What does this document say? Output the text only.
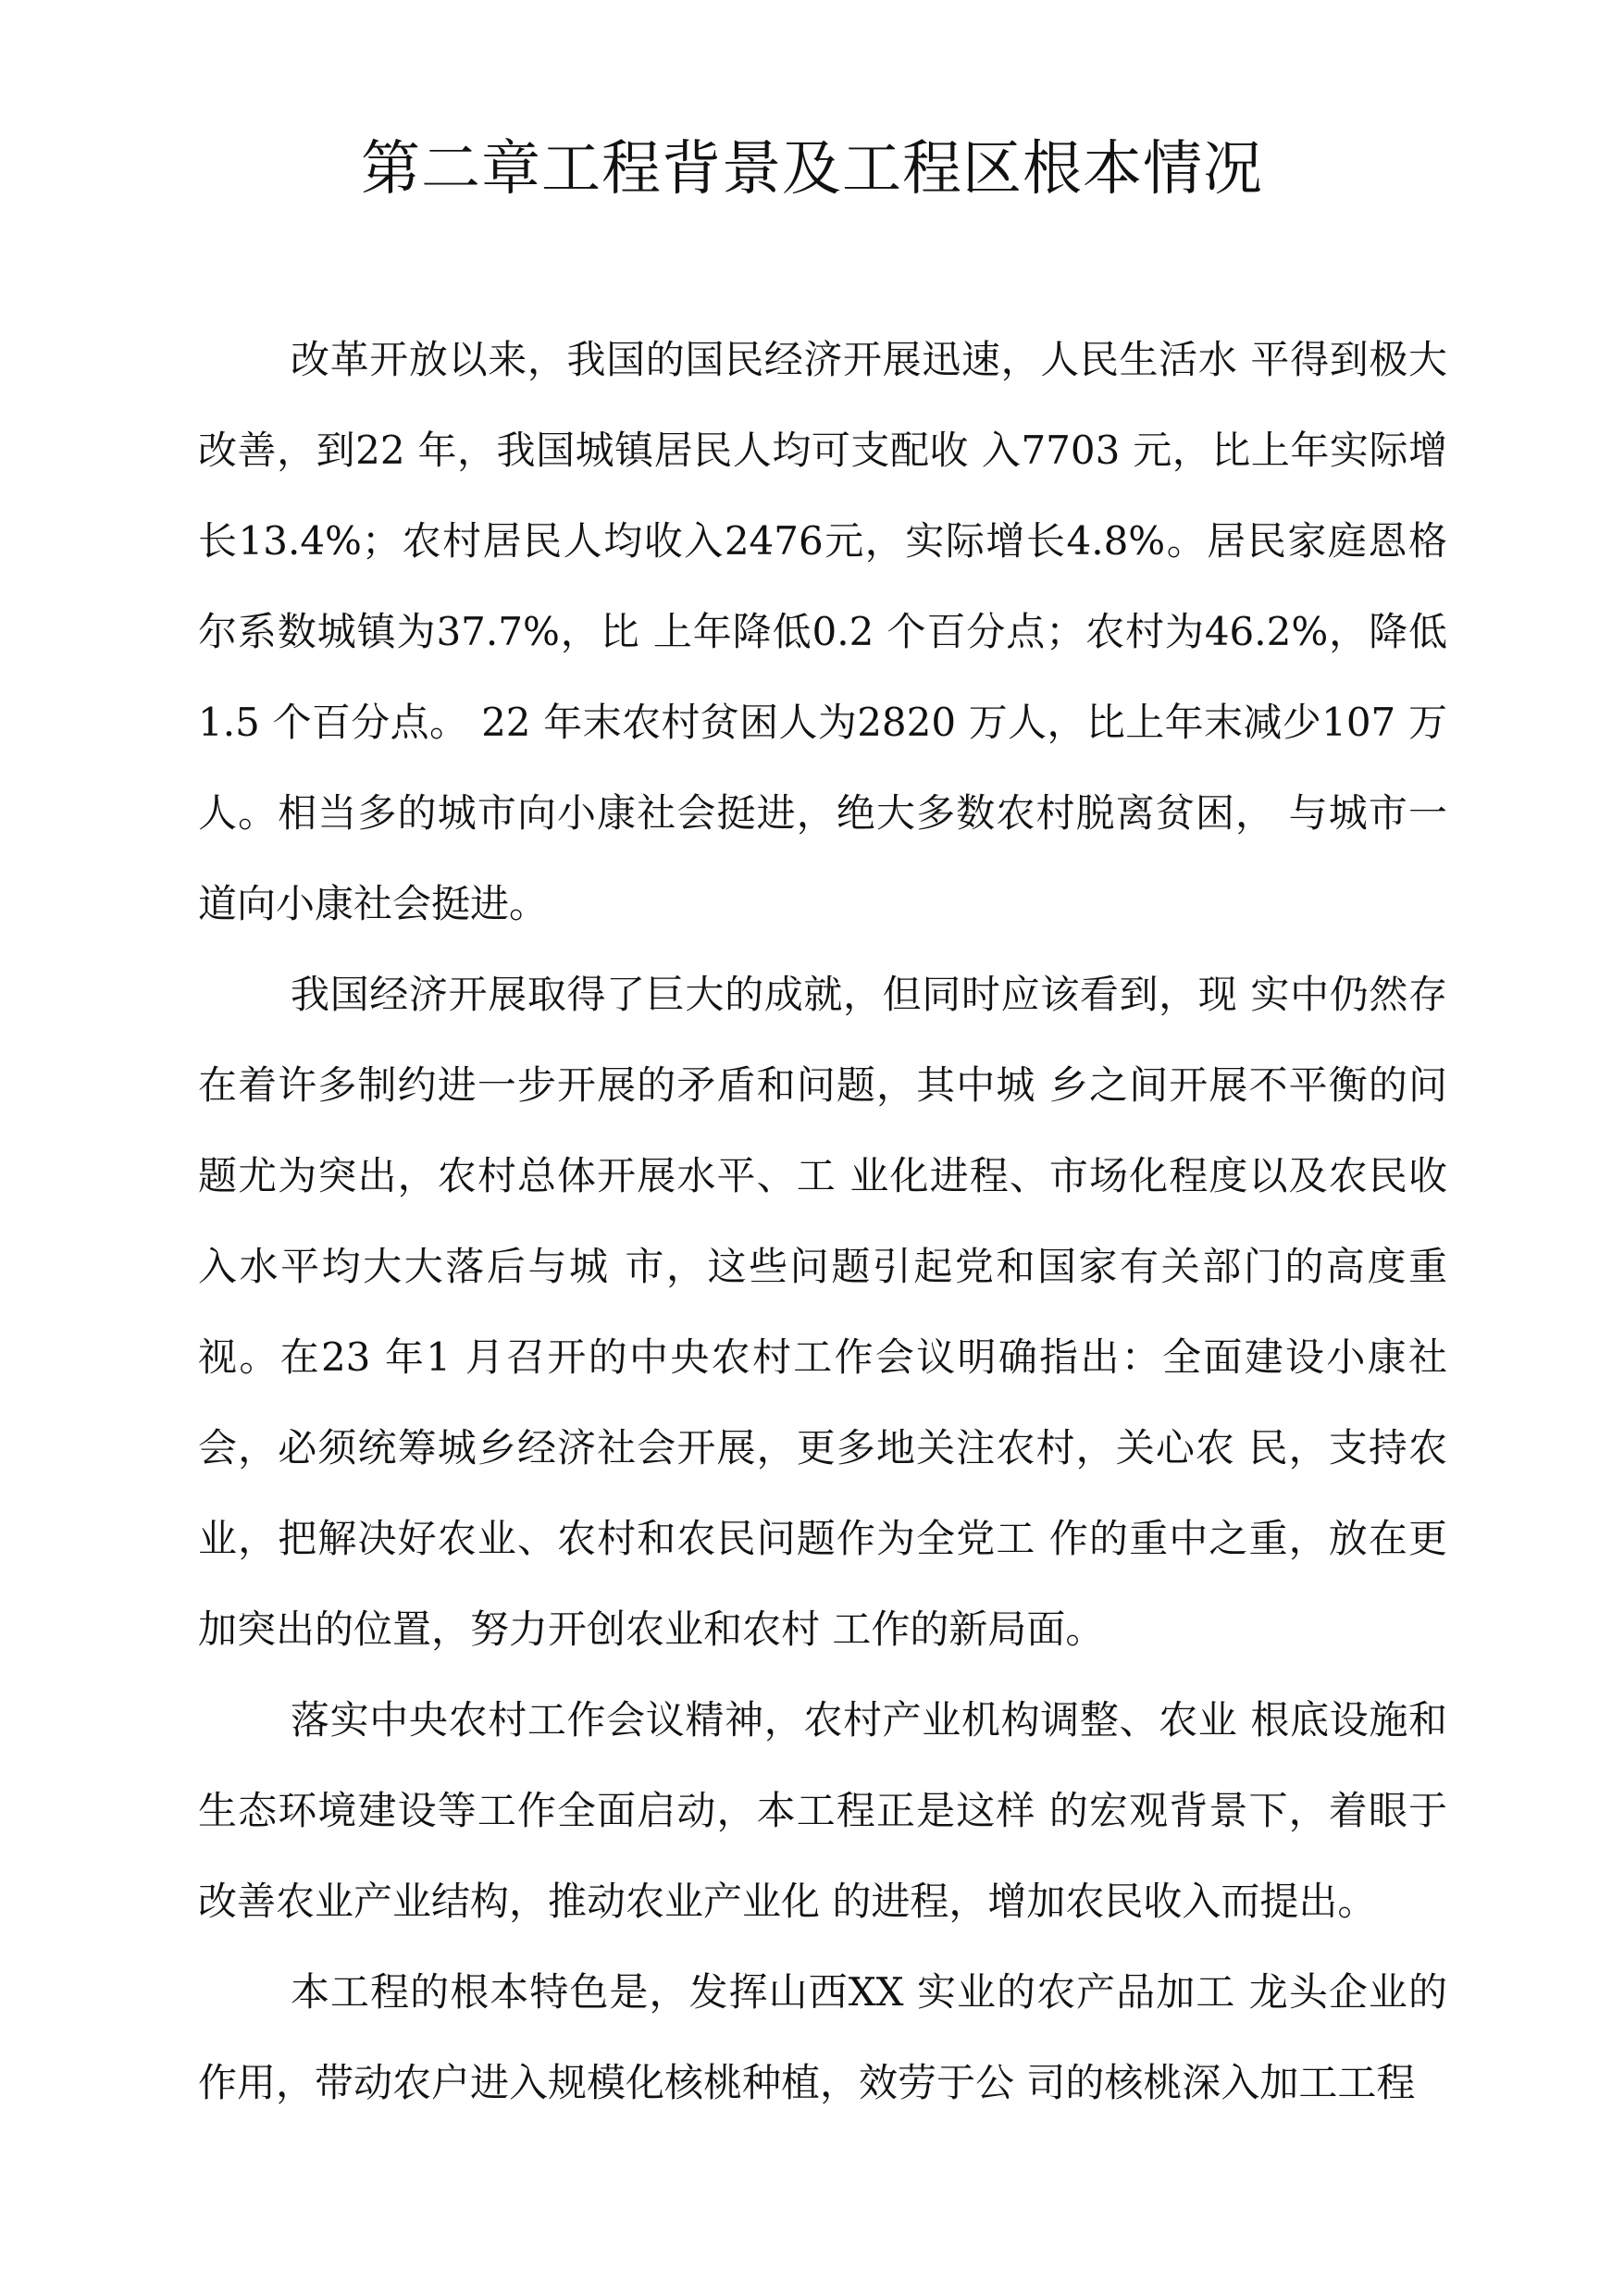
第二章工程背景及工程区根本情况

改革开放以来，我国的国民经济开展迅速，人民生活水 平得到极大改善，到22 年，我国城镇居民人均可支配收 入7703 元，比上年实际增长13.4%；农村居民人均收入2476元，实际增长4.8%。居民家庭恩格尔系数城镇为37.7%，比 上年降低0.2 个百分点；农村为46.2%，降低1.5 个百分点。 22 年末农村贫困人为2820 万人，比上年末减少107 万 人。相当多的城市向小康社会挺进，绝大多数农村脱离贫困， 与城市一道向小康社会挺进。

我国经济开展取得了巨大的成就，但同时应该看到，现 实中仍然存在着许多制约进一步开展的矛盾和问题，其中城 乡之间开展不平衡的问题尤为突出，农村总体开展水平、工 业化进程、市场化程度以及农民收入水平均大大落后与城 市，这些问题引起党和国家有关部门的高度重视。在23 年1 月召开的中央农村工作会议明确指出：全面建设小康社会，必须统筹城乡经济社会开展，更多地关注农村，关心农 民，支持农业，把解决好农业、农村和农民问题作为全党工 作的重中之重，放在更加突出的位置，努力开创农业和农村 工作的新局面。

落实中央农村工作会议精神，农村产业机构调整、农业 根底设施和生态环境建设等工作全面启动，本工程正是这样 的宏观背景下，着眼于改善农业产业结构，推动农业产业化 的进程，增加农民收入而提出。

本工程的根本特色是，发挥山西XX 实业的农产品加工 龙头企业的作用，带动农户进入规模化核桃种植，效劳于公 司的核桃深入加工工程
